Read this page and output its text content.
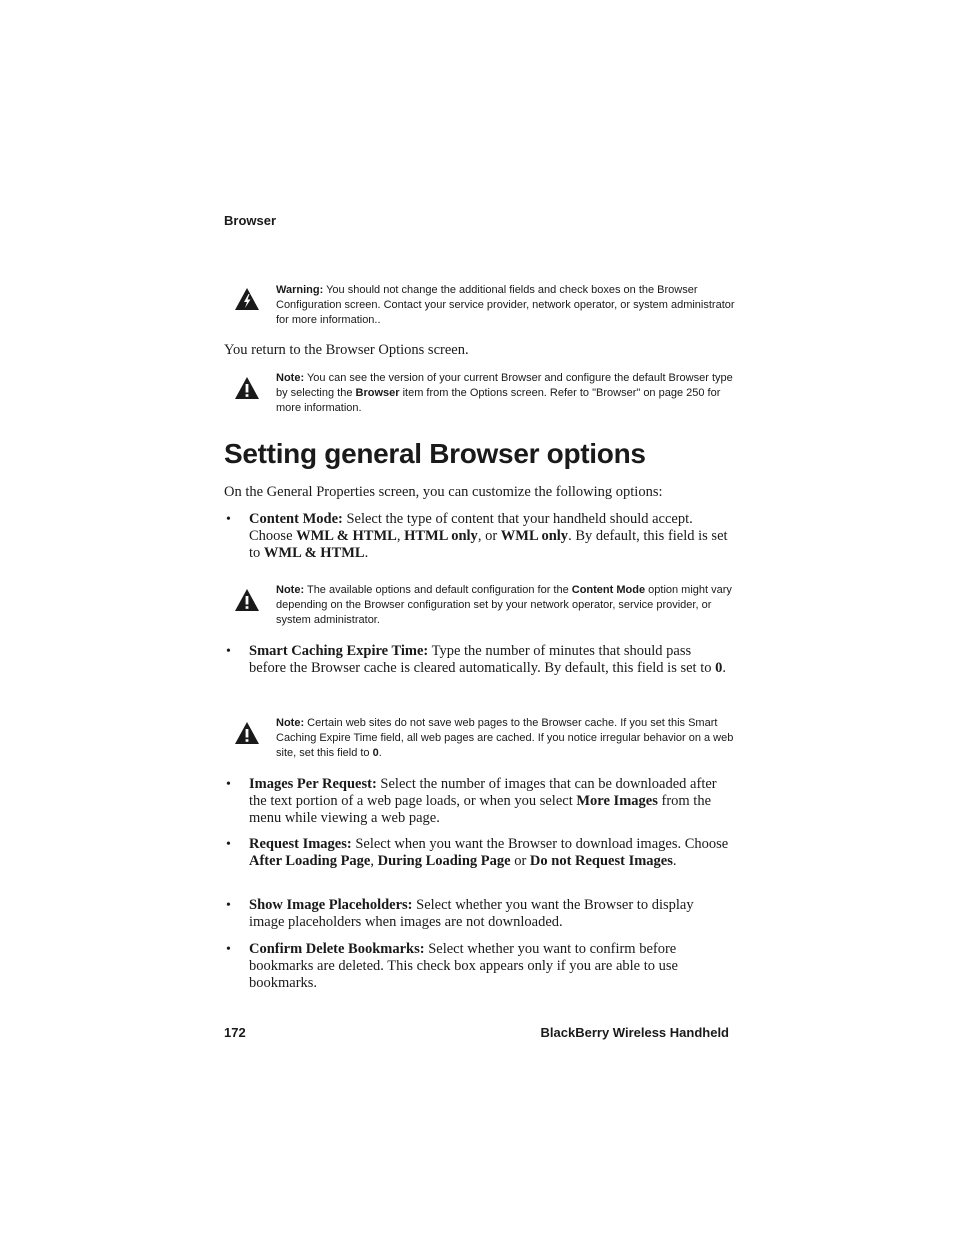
Browser
Warning: You should not change the additional fields and check boxes on the Browser Configuration screen. Contact your service provider, network operator, or system administrator for more information..
You return to the Browser Options screen.
Note: You can see the version of your current Browser and configure the default Browser type by selecting the Browser item from the Options screen. Refer to "Browser" on page 250 for more information.
Setting general Browser options
On the General Properties screen, you can customize the following options:
• Content Mode: Select the type of content that your handheld should accept. Choose WML & HTML, HTML only, or WML only. By default, this field is set to WML & HTML.
Note: The available options and default configuration for the Content Mode option might vary depending on the Browser configuration set by your network operator, service provider, or system administrator.
• Smart Caching Expire Time: Type the number of minutes that should pass before the Browser cache is cleared automatically. By default, this field is set to 0.
Note: Certain web sites do not save web pages to the Browser cache. If you set this Smart Caching Expire Time field, all web pages are cached. If you notice irregular behavior on a web site, set this field to 0.
• Images Per Request: Select the number of images that can be downloaded after the text portion of a web page loads, or when you select More Images from the menu while viewing a web page.
• Request Images: Select when you want the Browser to download images. Choose After Loading Page, During Loading Page or Do not Request Images.
• Show Image Placeholders: Select whether you want the Browser to display image placeholders when images are not downloaded.
• Confirm Delete Bookmarks: Select whether you want to confirm before bookmarks are deleted. This check box appears only if you are able to use bookmarks.
172	BlackBerry Wireless Handheld
